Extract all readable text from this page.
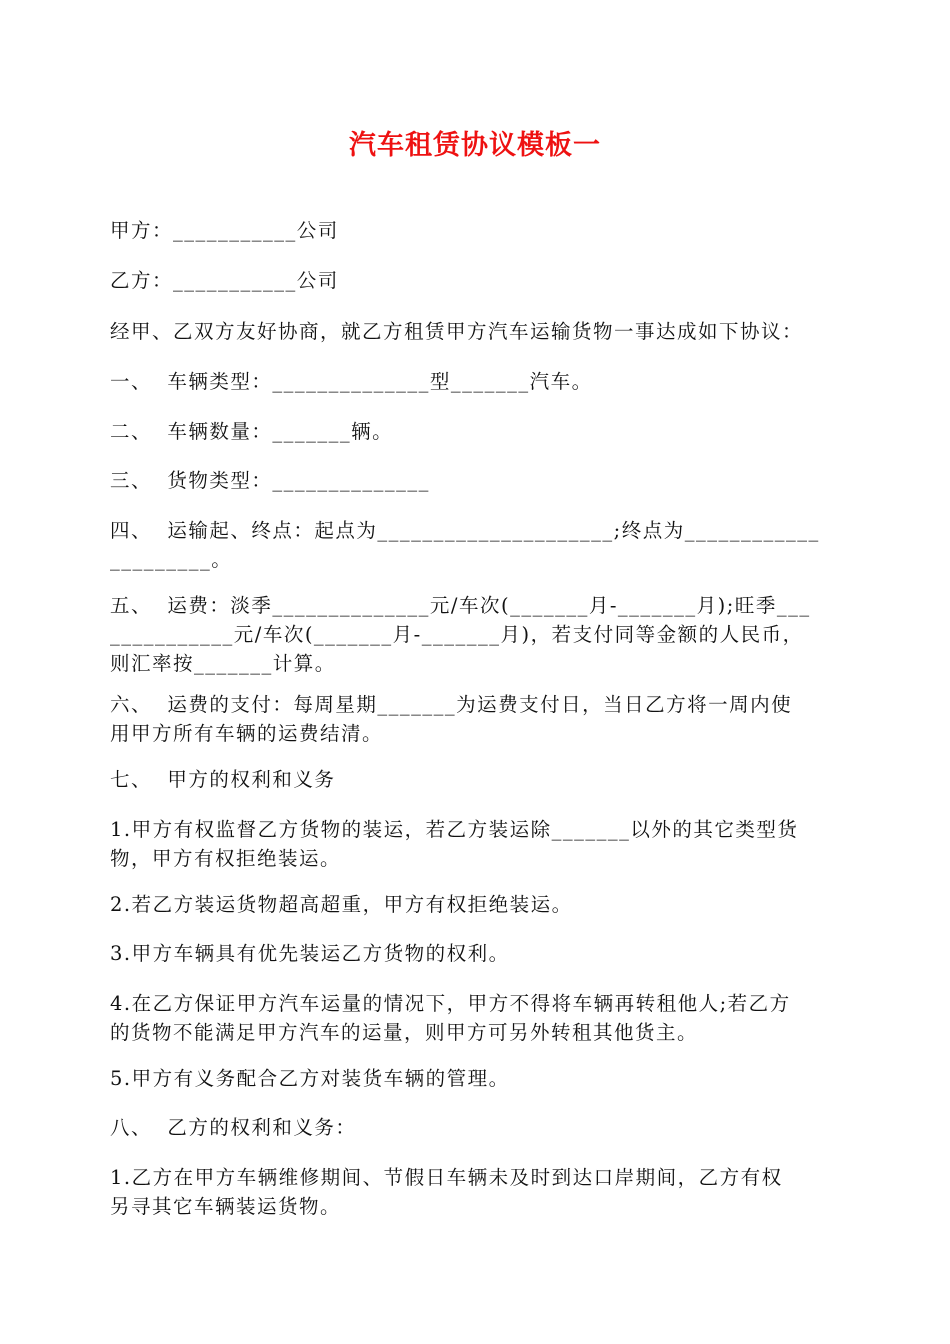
汽车租赁协议模板一
甲方：___________公司
乙方：___________公司
经甲、乙双方友好协商，就乙方租赁甲方汽车运输货物一事达成如下协议：
一、  车辆类型：______________型_______汽车。
二、  车辆数量：_______辆。
三、  货物类型：______________
四、  运输起、终点：起点为_____________________;终点为____________
_________。
五、  运费：淡季______________元/车次(_______月-_______月);旺季___
___________元/车次(_______月-_______月)，若支付同等金额的人民币，
则汇率按_______计算。
六、  运费的支付：每周星期_______为运费支付日，当日乙方将一周内使
用甲方所有车辆的运费结清。
七、  甲方的权利和义务
1.甲方有权监督乙方货物的装运，若乙方装运除_______以外的其它类型货
物，甲方有权拒绝装运。
2.若乙方装运货物超高超重，甲方有权拒绝装运。
3.甲方车辆具有优先装运乙方货物的权利。
4.在乙方保证甲方汽车运量的情况下，甲方不得将车辆再转租他人;若乙方
的货物不能满足甲方汽车的运量，则甲方可另外转租其他货主。
5.甲方有义务配合乙方对装货车辆的管理。
八、  乙方的权利和义务：
1.乙方在甲方车辆维修期间、节假日车辆未及时到达口岸期间，乙方有权
另寻其它车辆装运货物。
